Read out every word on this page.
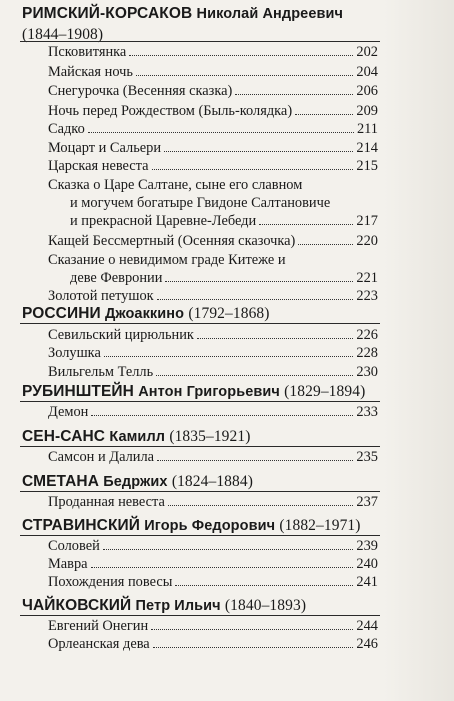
РИМСКИЙ-КОРСАКОВ Николай Андреевич
(1844–1908)
Псковитянка	202
Майская ночь	204
Снегурочка (Весенняя сказка)	206
Ночь перед Рождеством (Быль-колядка)	209
Садко	211
Моцарт и Сальери	214
Царская невеста	215
Сказка о Царе Салтане, сыне его славном
и могучем богатыре Гвидоне Салтановиче
и прекрасной Царевне-Лебеди	217
Кащей Бессмертный (Осенняя сказочка)	220
Сказание о невидимом граде Китеже и
деве Февронии	221
Золотой петушок	223
РОССИНИ Джоаккино (1792–1868)
Севильский цирюльник	226
Золушка	228
Вильгельм Телль	230
РУБИНШТЕЙН Антон Григорьевич (1829–1894)
Демон	233
СЕН-САНС Камилл (1835–1921)
Самсон и Далила	235
СМЕТАНА Бедржих (1824–1884)
Проданная невеста	237
СТРАВИНСКИЙ Игорь Федорович (1882–1971)
Соловей	239
Мавра	240
Похождения повесы	241
ЧАЙКОВСКИЙ Петр Ильич (1840–1893)
Евгений Онегин	244
Орлеанская дева	246
